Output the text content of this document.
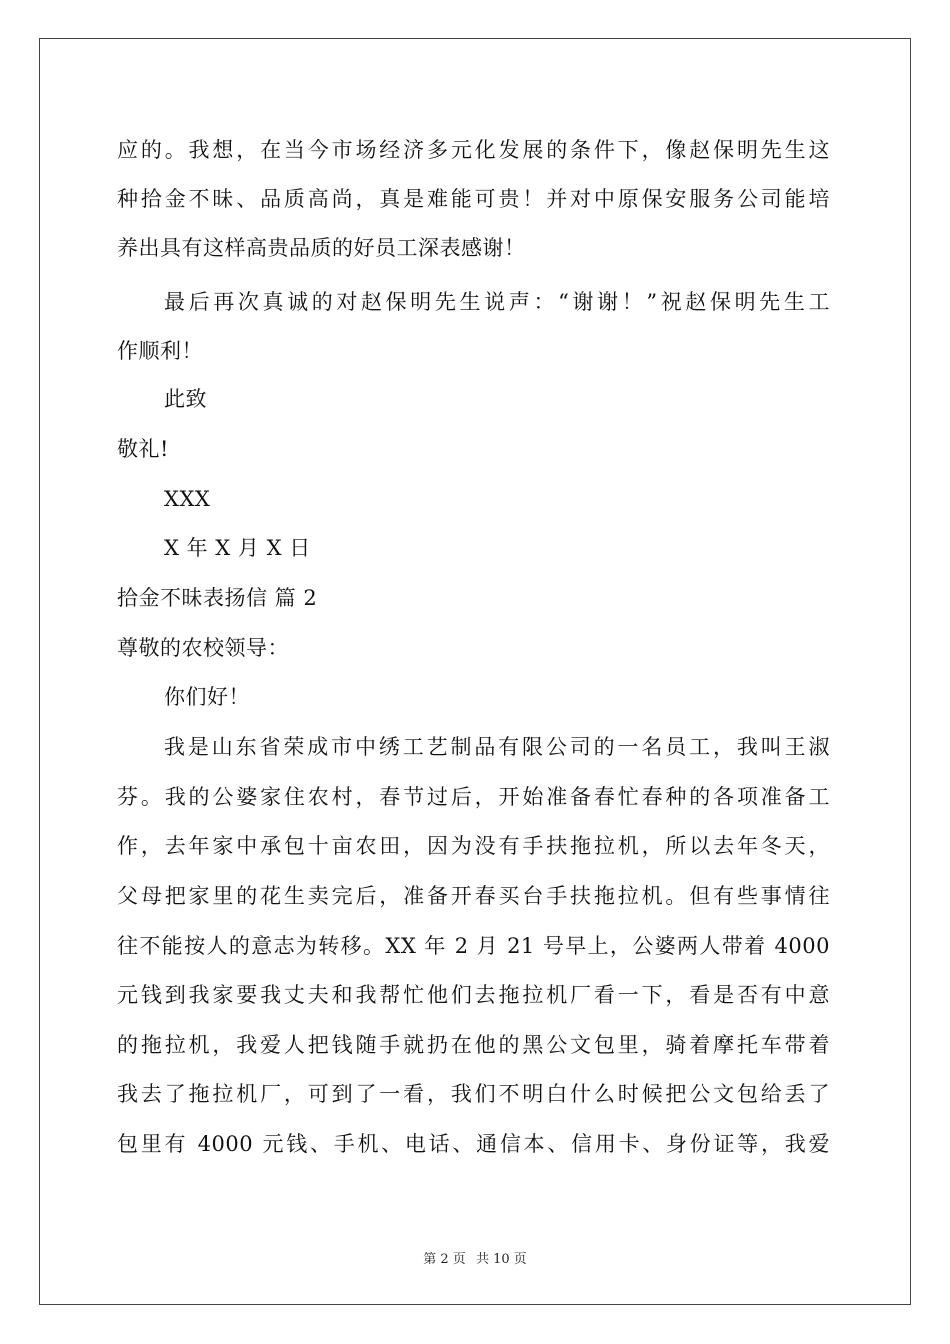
应的。我想，在当今市场经济多元化发展的条件下，像赵保明先生这
种拾金不昧、品质高尚，真是难能可贵！并对中原保安服务公司能培
养出具有这样高贵品质的好员工深表感谢！
最后再次真诚的对赵保明先生说声：“谢谢！”祝赵保明先生工
作顺利！
此致
敬礼!
XXX
X 年 X 月 X 日
拾金不昧表扬信 篇 2
尊敬的农校领导：
你们好！
我是山东省荣成市中绣工艺制品有限公司的一名员工，我叫王淑
芬。我的公婆家住农村，春节过后，开始准备春忙春种的各项准备工
作，去年家中承包十亩农田，因为没有手扶拖拉机，所以去年冬天，
父母把家里的花生卖完后，准备开春买台手扶拖拉机。但有些事情往
往不能按人的意志为转移。XX 年 2 月 21 号早上，公婆两人带着 4000
元钱到我家要我丈夫和我帮忙他们去拖拉机厂看一下，看是否有中意
的拖拉机，我爱人把钱随手就扔在他的黑公文包里，骑着摩托车带着
我去了拖拉机厂，可到了一看，我们不明白什么时候把公文包给丢了
包里有 4000 元钱、手机、电话、通信本、信用卡、身份证等，我爱
第 2 页 共 10 页
